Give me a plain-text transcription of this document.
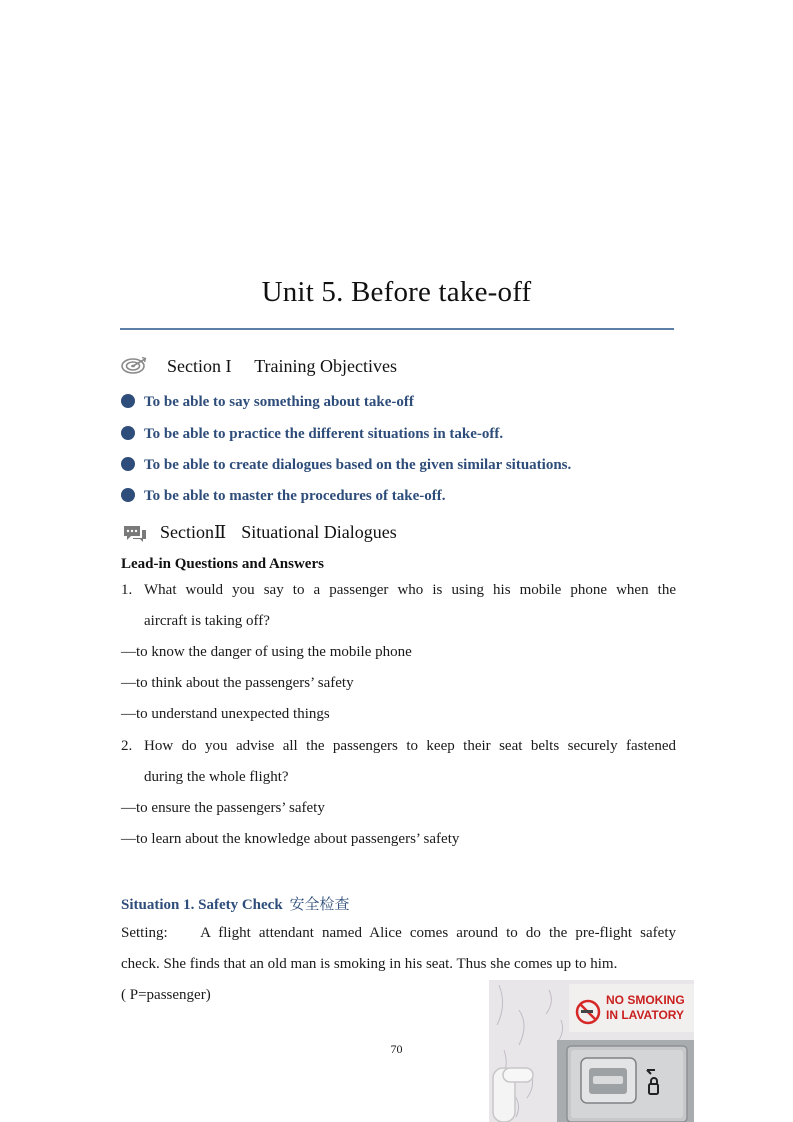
Unit 5. Before take-off
Section I Training Objectives
To be able to say something about take-off
To be able to practice the different situations in take-off.
To be able to create dialogues based on the given similar situations.
To be able to master the procedures of take-off.
SectionⅡ Situational Dialogues
Lead-in Questions and Answers
1. What would you say to a passenger who is using his mobile phone when the
aircraft is taking off?
—to know the danger of using the mobile phone
—to think about the passengers’ safety
—to understand unexpected things
2. How do you advise all the passengers to keep their seat belts securely fastened
during the whole flight?
—to ensure the passengers’ safety
—to learn about the knowledge about passengers’ safety
Situation 1. Safety Check 安全检查
Setting:    A flight attendant named Alice comes around to do the pre-flight safety
check. She finds that an old man is smoking in his seat. Thus she comes up to him.
( P=passenger)
70
NO SMOKING
IN LAVATORY
